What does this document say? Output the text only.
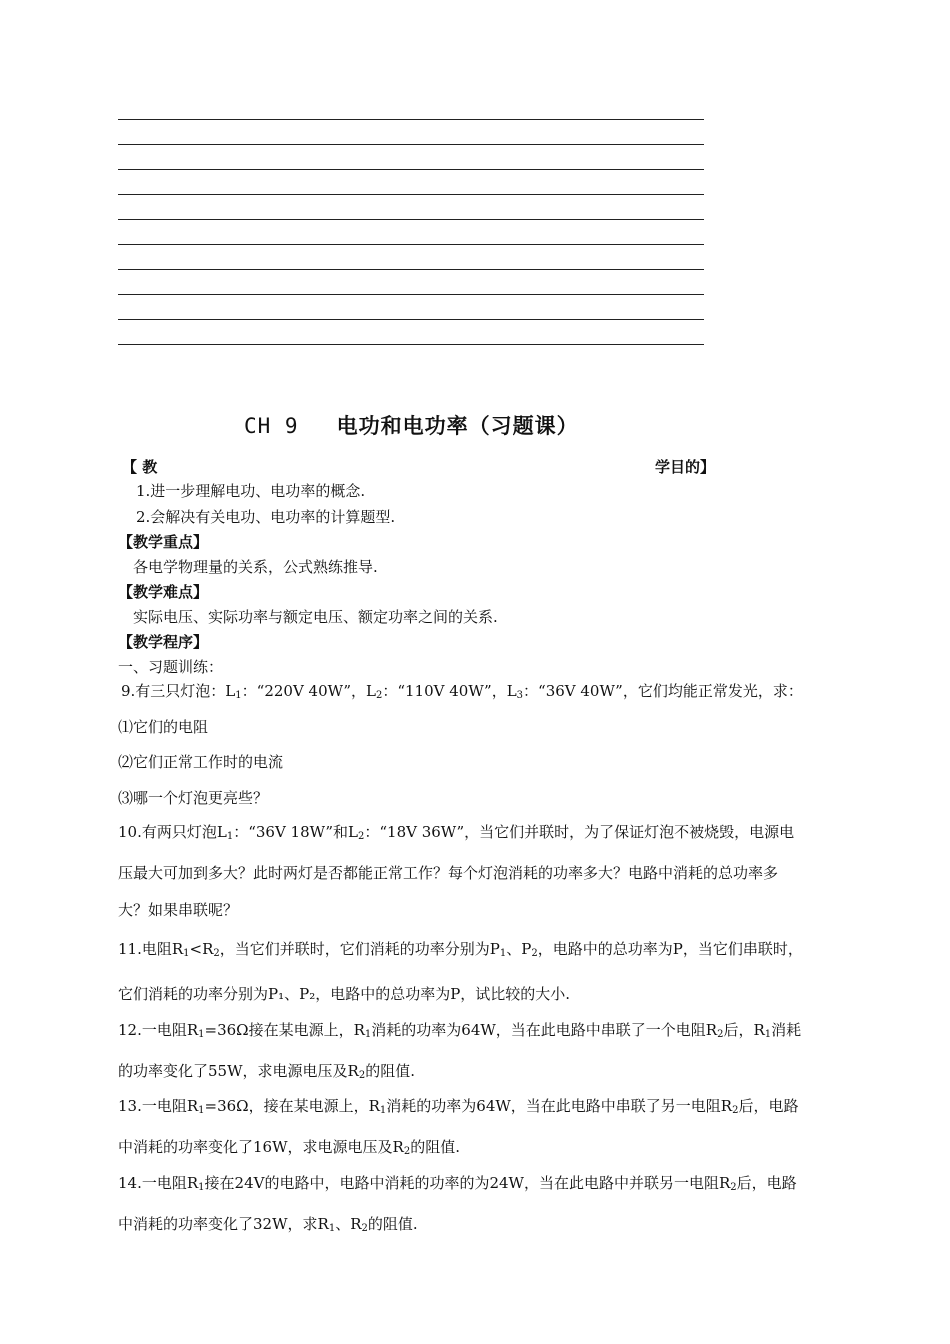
CH 9 电功和电功率（习题课）
【 教	学目的】
1.进一步理解电功、电功率的概念.
2.会解决有关电功、电功率的计算题型.
【教学重点】
各电学物理量的关系，公式熟练推导.
【教学难点】
实际电压、实际功率与额定电压、额定功率之间的关系.
【教学程序】
一、习题训练：
9.有三只灯泡：$L_1$：“220V 40W”，$L_2$：“110V 40W”，$L_3$：“36V 40W”，它们均能正常发光，求：
⑴它们的电阻
⑵它们正常工作时的电流
⑶哪一个灯泡更亮些？
10.有两只灯泡$L_1$：“36V 18W”和$L_2$：“18V 36W”，当它们并联时，为了保证灯泡不被烧毁，电源电
压最大可加到多大？此时两灯是否都能正常工作？每个灯泡消耗的功率多大？电路中消耗的总功率多
大？如果串联呢？
11.电阻$R_1<R_2$，当它们并联时，它们消耗的功率分别为$P_1$、$P_2$，电路中的总功率为P，当它们串联时，
它们消耗的功率分别为P₁、P₂，电路中的总功率为P，试比较的大小.
12.一电阻$R_1=36\Omega$接在某电源上，$R_1$消耗的功率为64W，当在此电路中串联了一个电阻$R_2$后，$R_1$消耗
的功率变化了55W，求电源电压及$R_2$的阻值.
13.一电阻$R_1=36\Omega$，接在某电源上，$R_1$消耗的功率为64W，当在此电路中串联了另一电阻$R_2$后，电路
中消耗的功率变化了16W，求电源电压及$R_2$的阻值.
14.一电阻$R_1$接在24V的电路中，电路中消耗的功率的为24W，当在此电路中并联另一电阻$R_2$后，电路
中消耗的功率变化了32W，求$R_1$、$R_2$的阻值.
